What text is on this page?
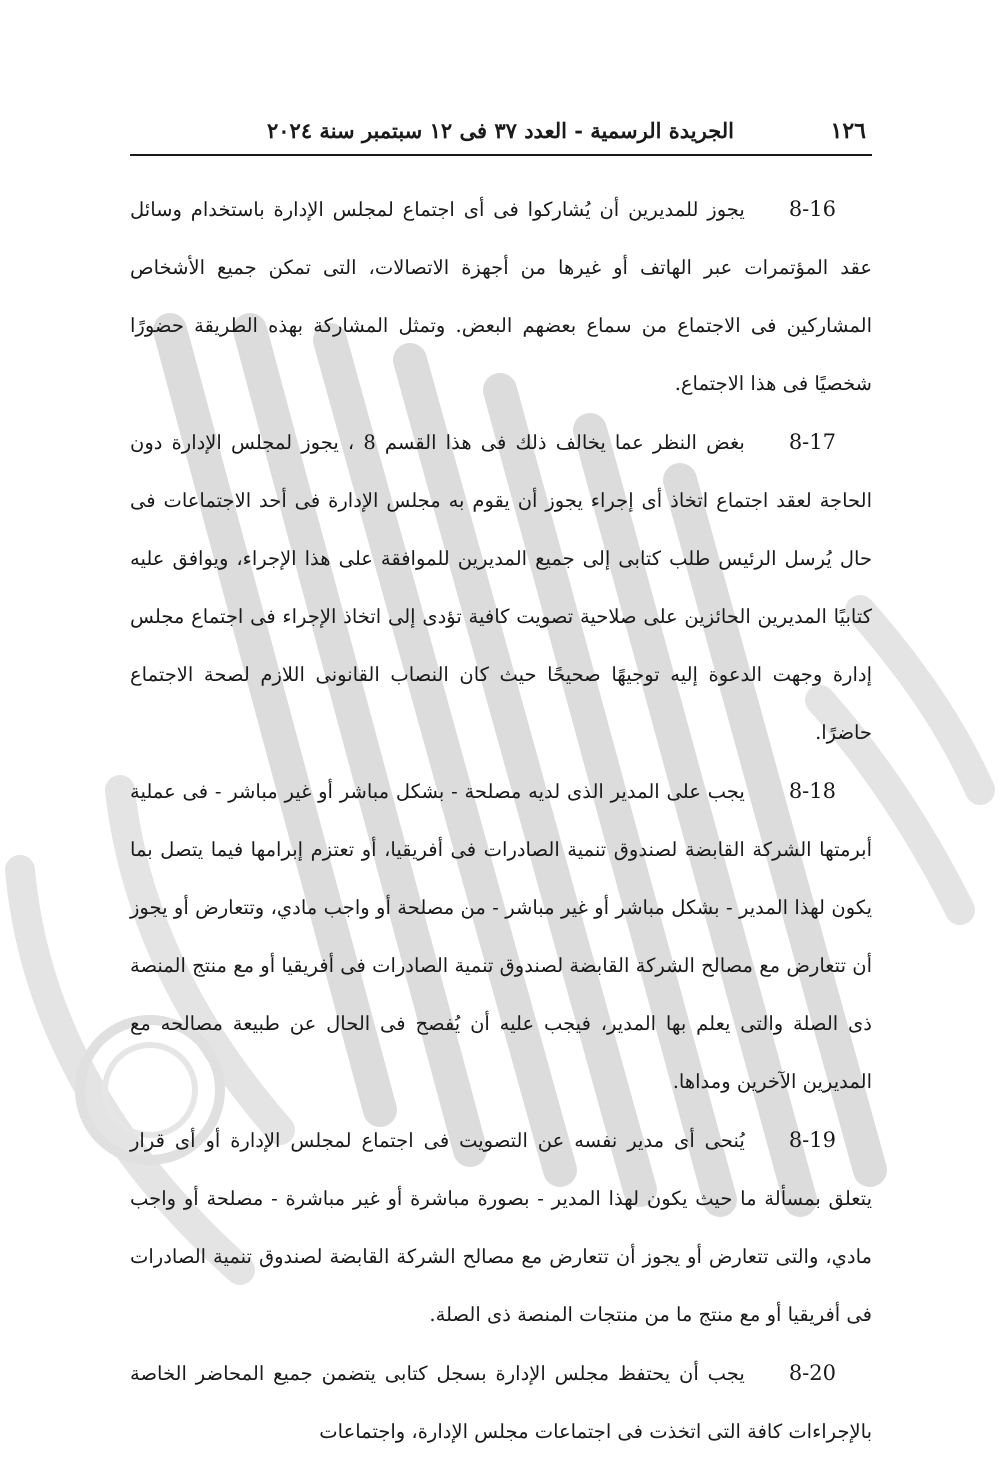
١٢٦
الجريدة الرسمية - العدد ٣٧ فى ١٢ سبتمبر سنة ٢٠٢٤

8-16يجوز للمديرين أن يُشاركوا فى أى اجتماع لمجلس الإدارة باستخدام وسائل عقد المؤتمرات عبر الهاتف أو غيرها من أجهزة الاتصالات، التى تمكن جميع الأشخاص المشاركين فى الاجتماع من سماع بعضهم البعض. وتمثل المشاركة بهذه الطريقة حضورًا شخصيًا فى هذا الاجتماع.

8-17بغض النظر عما يخالف ذلك فى هذا القسم 8 ، يجوز لمجلس الإدارة دون الحاجة لعقد اجتماع اتخاذ أى إجراء يجوز أن يقوم به مجلس الإدارة فى أحد الاجتماعات فى حال يُرسل الرئيس طلب كتابى إلى جميع المديرين للموافقة على هذا الإجراء، ويوافق عليه كتابيًا المديرين الحائزين على صلاحية تصويت كافية تؤدى إلى اتخاذ الإجراء فى اجتماع مجلس إدارة وجهت الدعوة إليه توجيهًا صحيحًا حيث كان النصاب القانونى اللازم لصحة الاجتماع حاضرًا.

8-18يجب على المدير الذى لديه مصلحة - بشكل مباشر أو غير مباشر - فى عملية أبرمتها الشركة القابضة لصندوق تنمية الصادرات فى أفريقيا، أو تعتزم إبرامها فيما يتصل بما يكون لهذا المدير - بشكل مباشر أو غير مباشر - من مصلحة أو واجب مادي، وتتعارض أو يجوز أن تتعارض مع مصالح الشركة القابضة لصندوق تنمية الصادرات فى أفريقيا أو مع منتج المنصة ذى الصلة والتى يعلم بها المدير، فيجب عليه أن يُفصح فى الحال عن طبيعة مصالحه مع المديرين الآخرين ومداها.

8-19يُنحى أى مدير نفسه عن التصويت فى اجتماع لمجلس الإدارة أو أى قرار يتعلق بمسألة ما حيث يكون لهذا المدير - بصورة مباشرة أو غير مباشرة - مصلحة أو واجب مادي، والتى تتعارض أو يجوز أن تتعارض مع مصالح الشركة القابضة لصندوق تنمية الصادرات فى أفريقيا أو مع منتج ما من منتجات المنصة ذى الصلة.

8-20يجب أن يحتفظ مجلس الإدارة بسجل كتابى يتضمن جميع المحاضر الخاصة بالإجراءات كافة التى اتخذت فى اجتماعات مجلس الإدارة، واجتماعات
